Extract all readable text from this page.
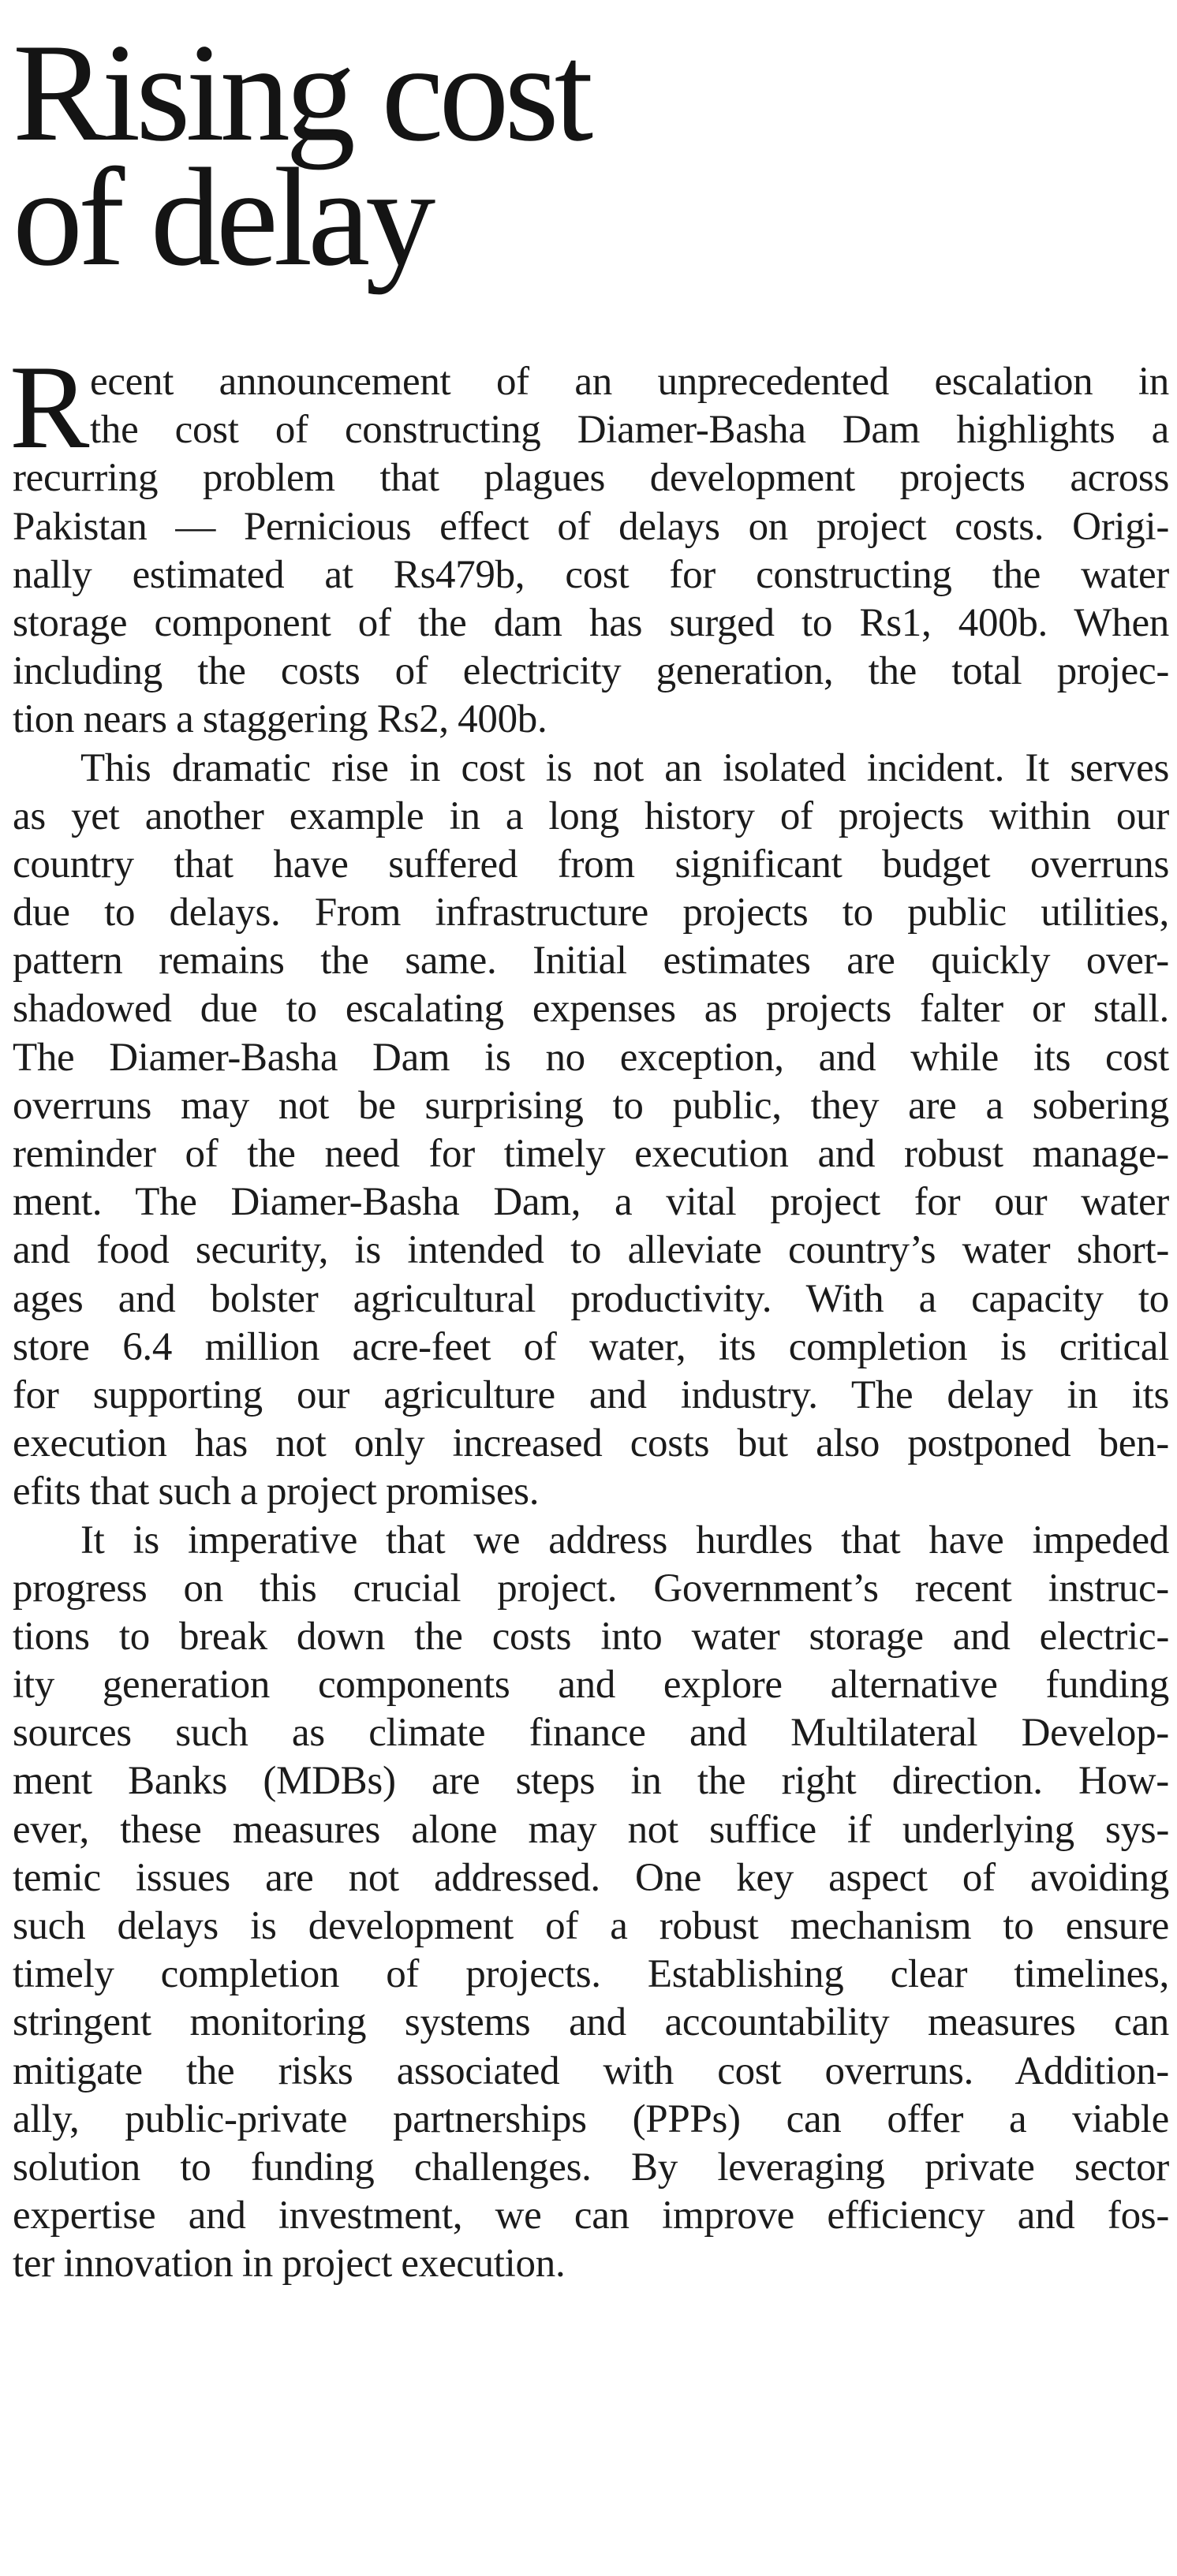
Rising cost
of delay
R ecent announcement of an unprecedented escalation in
the cost of constructing Diamer-Basha Dam highlights a
recurring problem that plagues development projects across
Pakistan — Pernicious effect of delays on project costs. Origi-
nally estimated at Rs479b, cost for constructing the water
storage component of the dam has surged to Rs1, 400b. When
including the costs of electricity generation, the total projec-
tion nears a staggering Rs2, 400b.

This dramatic rise in cost is not an isolated incident. It serves
as yet another example in a long history of projects within our
country that have suffered from significant budget overruns
due to delays. From infrastructure projects to public utilities,
pattern remains the same. Initial estimates are quickly over-
shadowed due to escalating expenses as projects falter or stall.
The Diamer-Basha Dam is no exception, and while its cost
overruns may not be surprising to public, they are a sobering
reminder of the need for timely execution and robust manage-
ment. The Diamer-Basha Dam, a vital project for our water
and food security, is intended to alleviate country’s water short-
ages and bolster agricultural productivity. With a capacity to
store 6.4 million acre-feet of water, its completion is critical
for supporting our agriculture and industry. The delay in its
execution has not only increased costs but also postponed ben-
efits that such a project promises.

It is imperative that we address hurdles that have impeded
progress on this crucial project. Government’s recent instruc-
tions to break down the costs into water storage and electric-
ity generation components and explore alternative funding
sources such as climate finance and Multilateral Develop-
ment Banks (MDBs) are steps in the right direction. How-
ever, these measures alone may not suffice if underlying sys-
temic issues are not addressed. One key aspect of avoiding
such delays is development of a robust mechanism to ensure
timely completion of projects. Establishing clear timelines,
stringent monitoring systems and accountability measures can
mitigate the risks associated with cost overruns. Addition-
ally, public-private partnerships (PPPs) can offer a viable
solution to funding challenges. By leveraging private sector
expertise and investment, we can improve efficiency and fos-
ter innovation in project execution.
